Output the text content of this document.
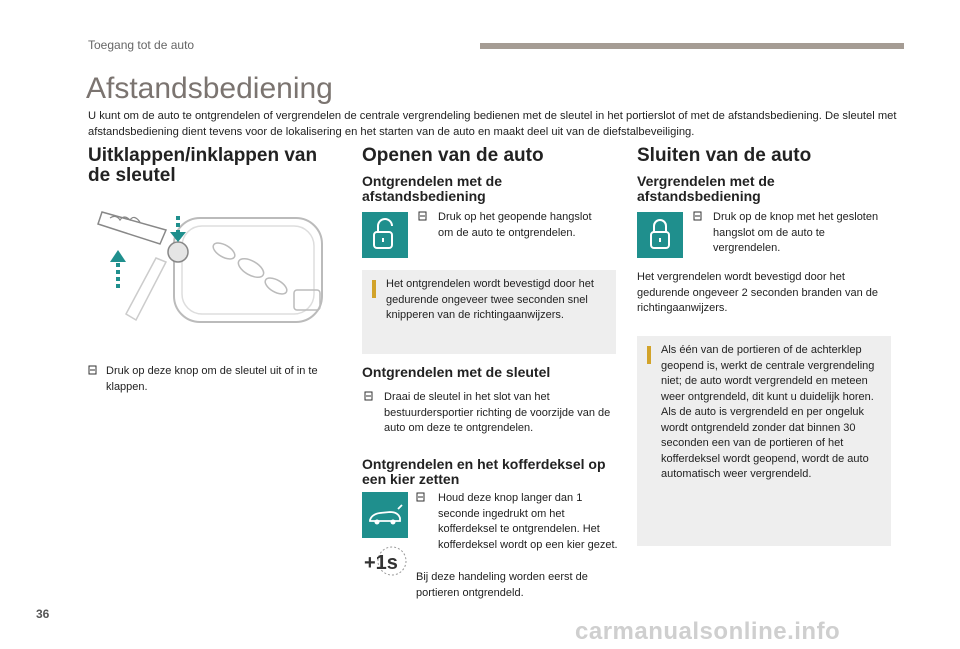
Toegang tot de auto
Afstandsbediening
U kunt om de auto te ontgrendelen of vergrendelen de centrale vergrendeling bedienen met de sleutel in het portierslot of met de afstandsbediening. De sleutel met afstandsbediening dient tevens voor de lokalisering en het starten van de auto en maakt deel uit van de diefstalbeveiliging.
Uitklappen/inklappen van de sleutel
Druk op deze knop om de sleutel uit of in te klappen.
Openen van de auto
Ontgrendelen met de afstandsbediening
Druk op het geopende hangslot om de auto te ontgrendelen.
Het ontgrendelen wordt bevestigd door het gedurende ongeveer twee seconden snel knipperen van de richtingaanwijzers.
Ontgrendelen met de sleutel
Draai de sleutel in het slot van het bestuurdersportier richting de voorzijde van de auto om deze te ontgrendelen.
Ontgrendelen en het kofferdeksel op een kier zetten
+1s
Houd deze knop langer dan 1 seconde ingedrukt om het kofferdeksel te ontgrendelen. Het kofferdeksel wordt op een kier gezet.
Bij deze handeling worden eerst de portieren ontgrendeld.
Sluiten van de auto
Vergrendelen met de afstandsbediening
Druk op de knop met het gesloten hangslot om de auto te vergrendelen.
Het vergrendelen wordt bevestigd door het gedurende ongeveer 2 seconden branden van de richtingaanwijzers.
Als één van de portieren of de achterklep geopend is, werkt de centrale vergrendeling niet; de auto wordt vergrendeld en meteen weer ontgrendeld, dit kunt u duidelijk horen. Als de auto is vergrendeld en per ongeluk wordt ontgrendeld zonder dat binnen 30 seconden een van de portieren of het kofferdeksel wordt geopend, wordt de auto automatisch weer vergrendeld.
36
carmanualsonline.info
